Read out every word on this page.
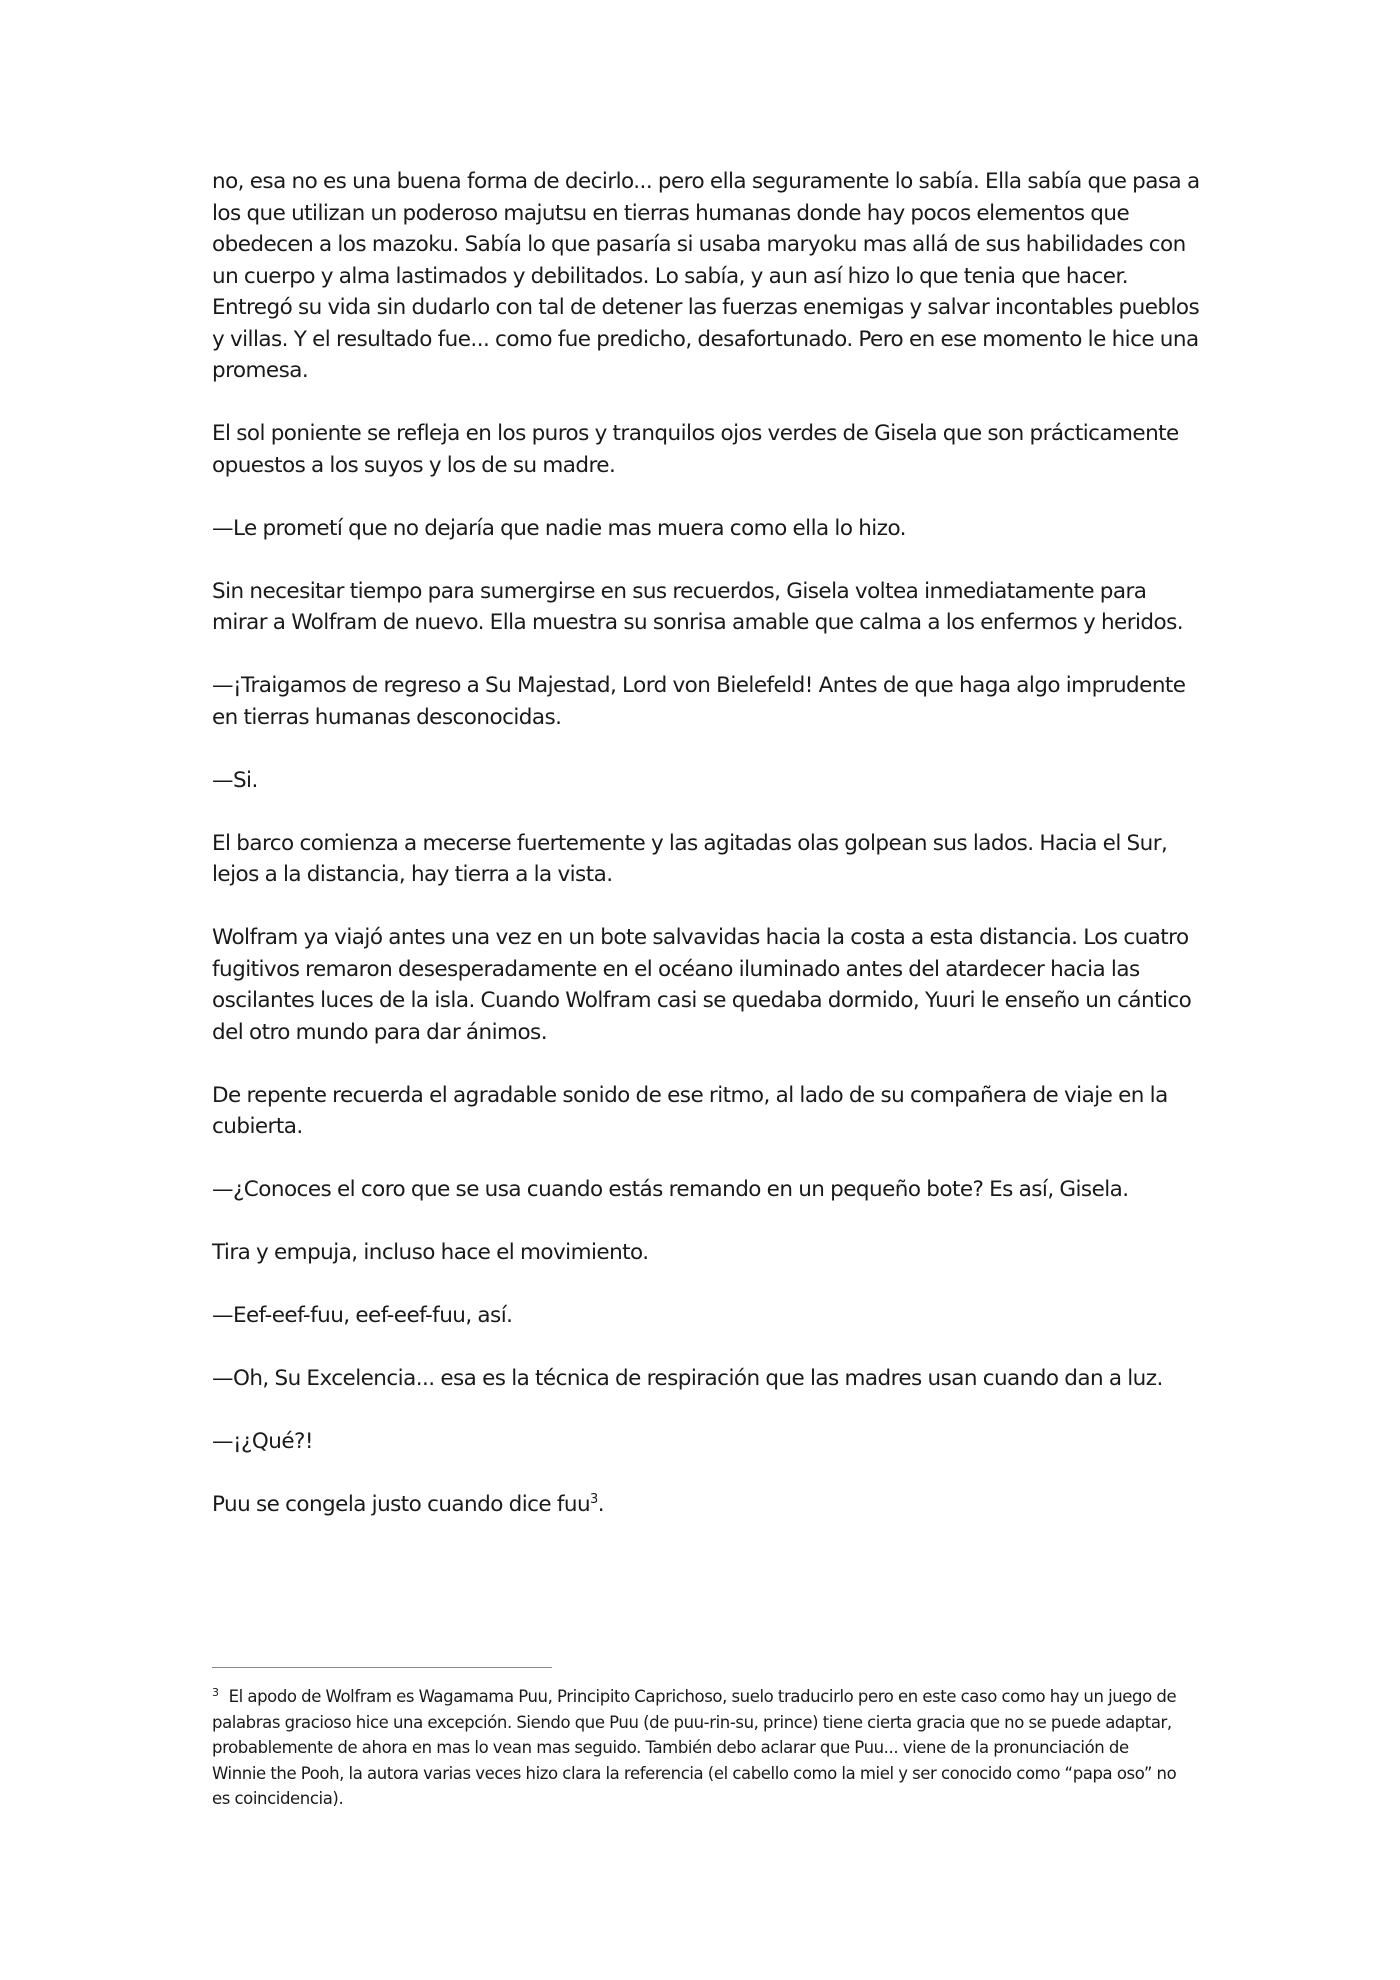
no, esa no es una buena forma de decirlo... pero ella seguramente lo sabía. Ella sabía que pasa a los que utilizan un poderoso majutsu en tierras humanas donde hay pocos elementos que obedecen a los mazoku. Sabía lo que pasaría si usaba maryoku mas allá de sus habilidades con un cuerpo y alma lastimados y debilitados. Lo sabía, y aun así hizo lo que tenia que hacer. Entregó su vida sin dudarlo con tal de detener las fuerzas enemigas y salvar incontables pueblos y villas. Y el resultado fue... como fue predicho, desafortunado. Pero en ese momento le hice una promesa.

El sol poniente se refleja en los puros y tranquilos ojos verdes de Gisela que son prácticamente opuestos a los suyos y los de su madre.

—Le prometí que no dejaría que nadie mas muera como ella lo hizo.

Sin necesitar tiempo para sumergirse en sus recuerdos, Gisela voltea inmediatamente para mirar a Wolfram de nuevo. Ella muestra su sonrisa amable que calma a los enfermos y heridos.

—¡Traigamos de regreso a Su Majestad, Lord von Bielefeld! Antes de que haga algo imprudente en tierras humanas desconocidas.

—Si.

El barco comienza a mecerse fuertemente y las agitadas olas golpean sus lados. Hacia el Sur, lejos a la distancia, hay tierra a la vista.

Wolfram ya viajó antes una vez en un bote salvavidas hacia la costa a esta distancia. Los cuatro fugitivos remaron desesperadamente en el océano iluminado antes del atardecer hacia las oscilantes luces de la isla. Cuando Wolfram casi se quedaba dormido, Yuuri le enseño un cántico del otro mundo para dar ánimos.

De repente recuerda el agradable sonido de ese ritmo, al lado de su compañera de viaje en la cubierta.

—¿Conoces el coro que se usa cuando estás remando en un pequeño bote? Es así, Gisela.

Tira y empuja, incluso hace el movimiento.

—Eef-eef-fuu, eef-eef-fuu, así.

—Oh, Su Excelencia... esa es la técnica de respiración que las madres usan cuando dan a luz.

—¡¿Qué?!

Puu se congela justo cuando dice fuu$^3$.

$^3$ El apodo de Wolfram es Wagamama Puu, Principito Caprichoso, suelo traducirlo pero en este caso como hay un juego de palabras gracioso hice una excepción. Siendo que Puu (de puu-rin-su, prince) tiene cierta gracia que no se puede adaptar, probablemente de ahora en mas lo vean mas seguido. También debo aclarar que Puu... viene de la pronunciación de Winnie the Pooh, la autora varias veces hizo clara la referencia (el cabello como la miel y ser conocido como “papa oso” no es coincidencia).
